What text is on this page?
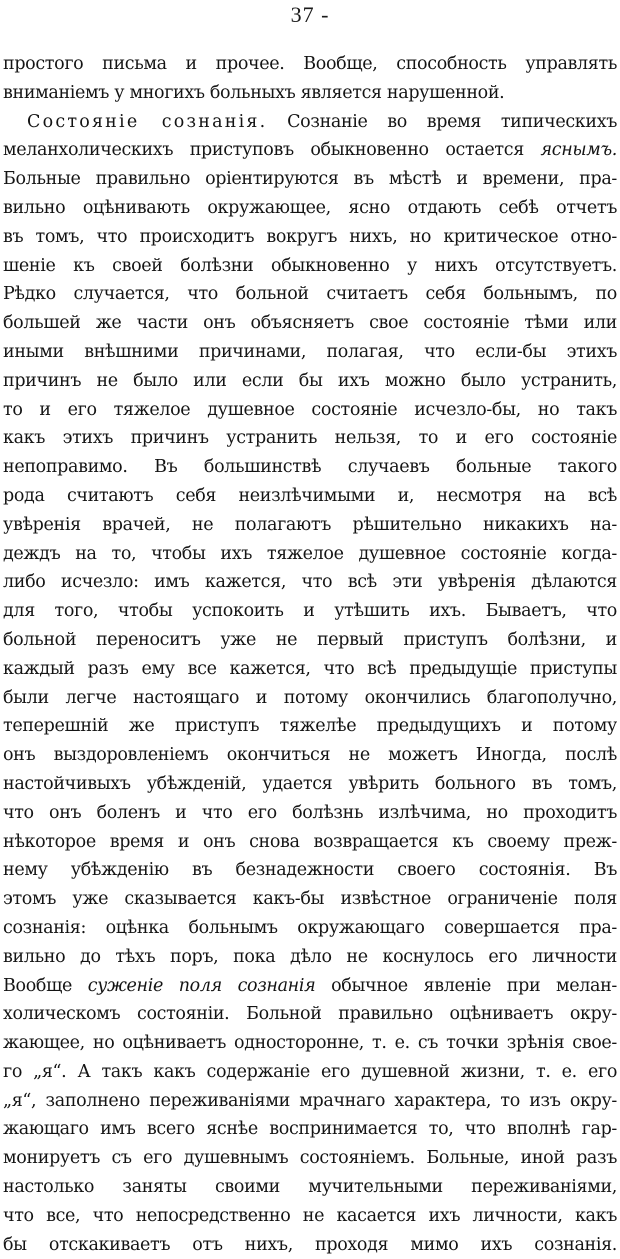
37 -
простого письма и прочее. Вообще, способность управлять
вниманіемъ у многихъ больныхъ является нарушенной.
Состояніе сознанія. Сознаніе во время типическихъ
меланхолическихъ приступовъ обыкновенно остается яснымъ.
Больные правильно оріентируются въ мѣстѣ и времени, пра-
вильно оцѣнивають окружающее, ясно отдають себѣ отчетъ
въ томъ, что происходитъ вокругъ нихъ, но критическое отно-
шеніе къ своей болѣзни обыкновенно у нихъ отсутствуетъ.
Рѣдко случается, что больной считаетъ себя больнымъ, по
большей же части онъ объясняетъ свое состояніе тѣми или
иными внѣшними причинами, полагая, что если-бы этихъ
причинъ не было или если бы ихъ можно было устранить,
то и его тяжелое душевное состояніе исчезло-бы, но такъ
какъ этихъ причинъ устранить нельзя, то и его состояніе
непоправимо. Въ большинствѣ случаевъ больные такого
рода считаютъ себя неизлѣчимыми и, несмотря на всѣ
увѣренія врачей, не полагаютъ рѣшительно никакихъ на-
деждъ на то, чтобы ихъ тяжелое душевное состояніе когда-
либо исчезло: имъ кажется, что всѣ эти увѣренія дѣлаются
для того, чтобы успокоить и утѣшить ихъ. Бываетъ, что
больной переноситъ уже не первый приступъ болѣзни, и
каждый разъ ему все кажется, что всѣ предыдущіе приступы
были легче настоящаго и потому окончились благополучно,
теперешній же приступъ тяжелѣе предыдущихъ и потому
онъ выздоровленіемъ окончиться не можетъ Иногда, послѣ
настойчивыхъ убѣжденій, удается увѣрить больного въ томъ,
что онъ боленъ и что его болѣзнь излѣчима, но проходитъ
нѣкоторое время и онъ снова возвращается къ своему преж-
нему убѣжденію въ безнадежности своего состоянія. Въ
этомъ уже сказывается какъ-бы извѣстное ограниченіе поля
сознанія: оцѣнка больнымъ окружающаго совершается пра-
вильно до тѣхъ поръ, пока дѣло не коснулось его личности
Вообще суженіе поля сознанія обычное явленіе при мелан-
холическомъ состояніи. Больной правильно оцѣниваетъ окру-
жающее, но оцѣниваетъ односторонне, т. е. съ точки зрѣнія свое-
го „я“. А такъ какъ содержаніе его душевной жизни, т. е. его
„я“, заполнено переживаніями мрачнаго характера, то изъ окру-
жающаго имъ всего яснѣе воспринимается то, что вполнѣ гар-
монируетъ съ его душевнымъ состояніемъ. Больные, иной разъ
настолько заняты своими мучительными переживаніями,
что все, что непосредственно не касается ихъ личности, какъ
бы отскакиваетъ отъ нихъ, проходя мимо ихъ сознанія.
